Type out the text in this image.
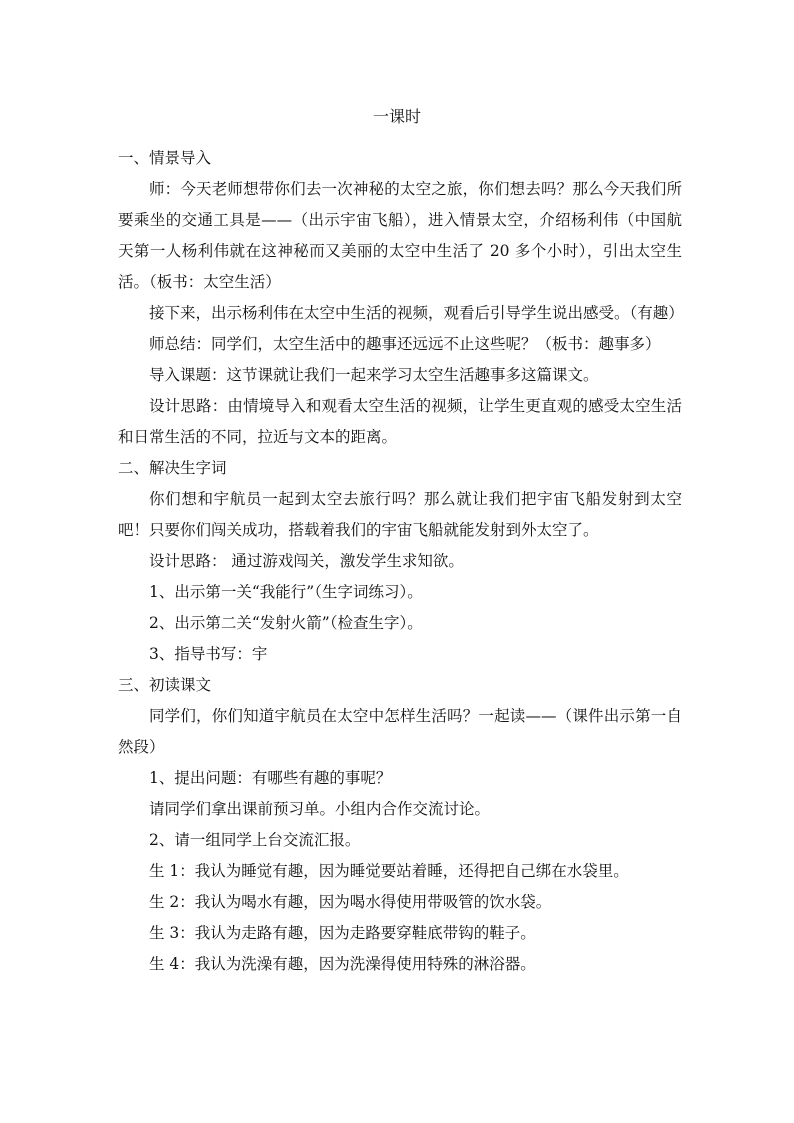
一课时

一、情景导入

师：今天老师想带你们去一次神秘的太空之旅，你们想去吗？那么今天我们所要乘坐的交通工具是——（出示宇宙飞船），进入情景太空，介绍杨利伟（中国航天第一人杨利伟就在这神秘而又美丽的太空中生活了 20 多个小时），引出太空生活。（板书：太空生活）

接下来，出示杨利伟在太空中生活的视频，观看后引导学生说出感受。（有趣）

师总结：同学们，太空生活中的趣事还远远不止这些呢？（板书：趣事多）

导入课题：这节课就让我们一起来学习太空生活趣事多这篇课文。

设计思路：由情境导入和观看太空生活的视频，让学生更直观的感受太空生活和日常生活的不同，拉近与文本的距离。

二、解决生字词

你们想和宇航员一起到太空去旅行吗？那么就让我们把宇宙飞船发射到太空吧！只要你们闯关成功，搭载着我们的宇宙飞船就能发射到外太空了。

设计思路： 通过游戏闯关，激发学生求知欲。

1、出示第一关“我能行”（生字词练习）。

2、出示第二关“发射火箭”（检查生字）。

3、指导书写：宇

三、初读课文

同学们，你们知道宇航员在太空中怎样生活吗？一起读——（课件出示第一自然段）

1、提出问题：有哪些有趣的事呢？

请同学们拿出课前预习单。小组内合作交流讨论。

2、请一组同学上台交流汇报。

生 1：我认为睡觉有趣，因为睡觉要站着睡，还得把自己绑在水袋里。

生 2：我认为喝水有趣，因为喝水得使用带吸管的饮水袋。

生 3：我认为走路有趣，因为走路要穿鞋底带钩的鞋子。

生 4：我认为洗澡有趣，因为洗澡得使用特殊的淋浴器。
